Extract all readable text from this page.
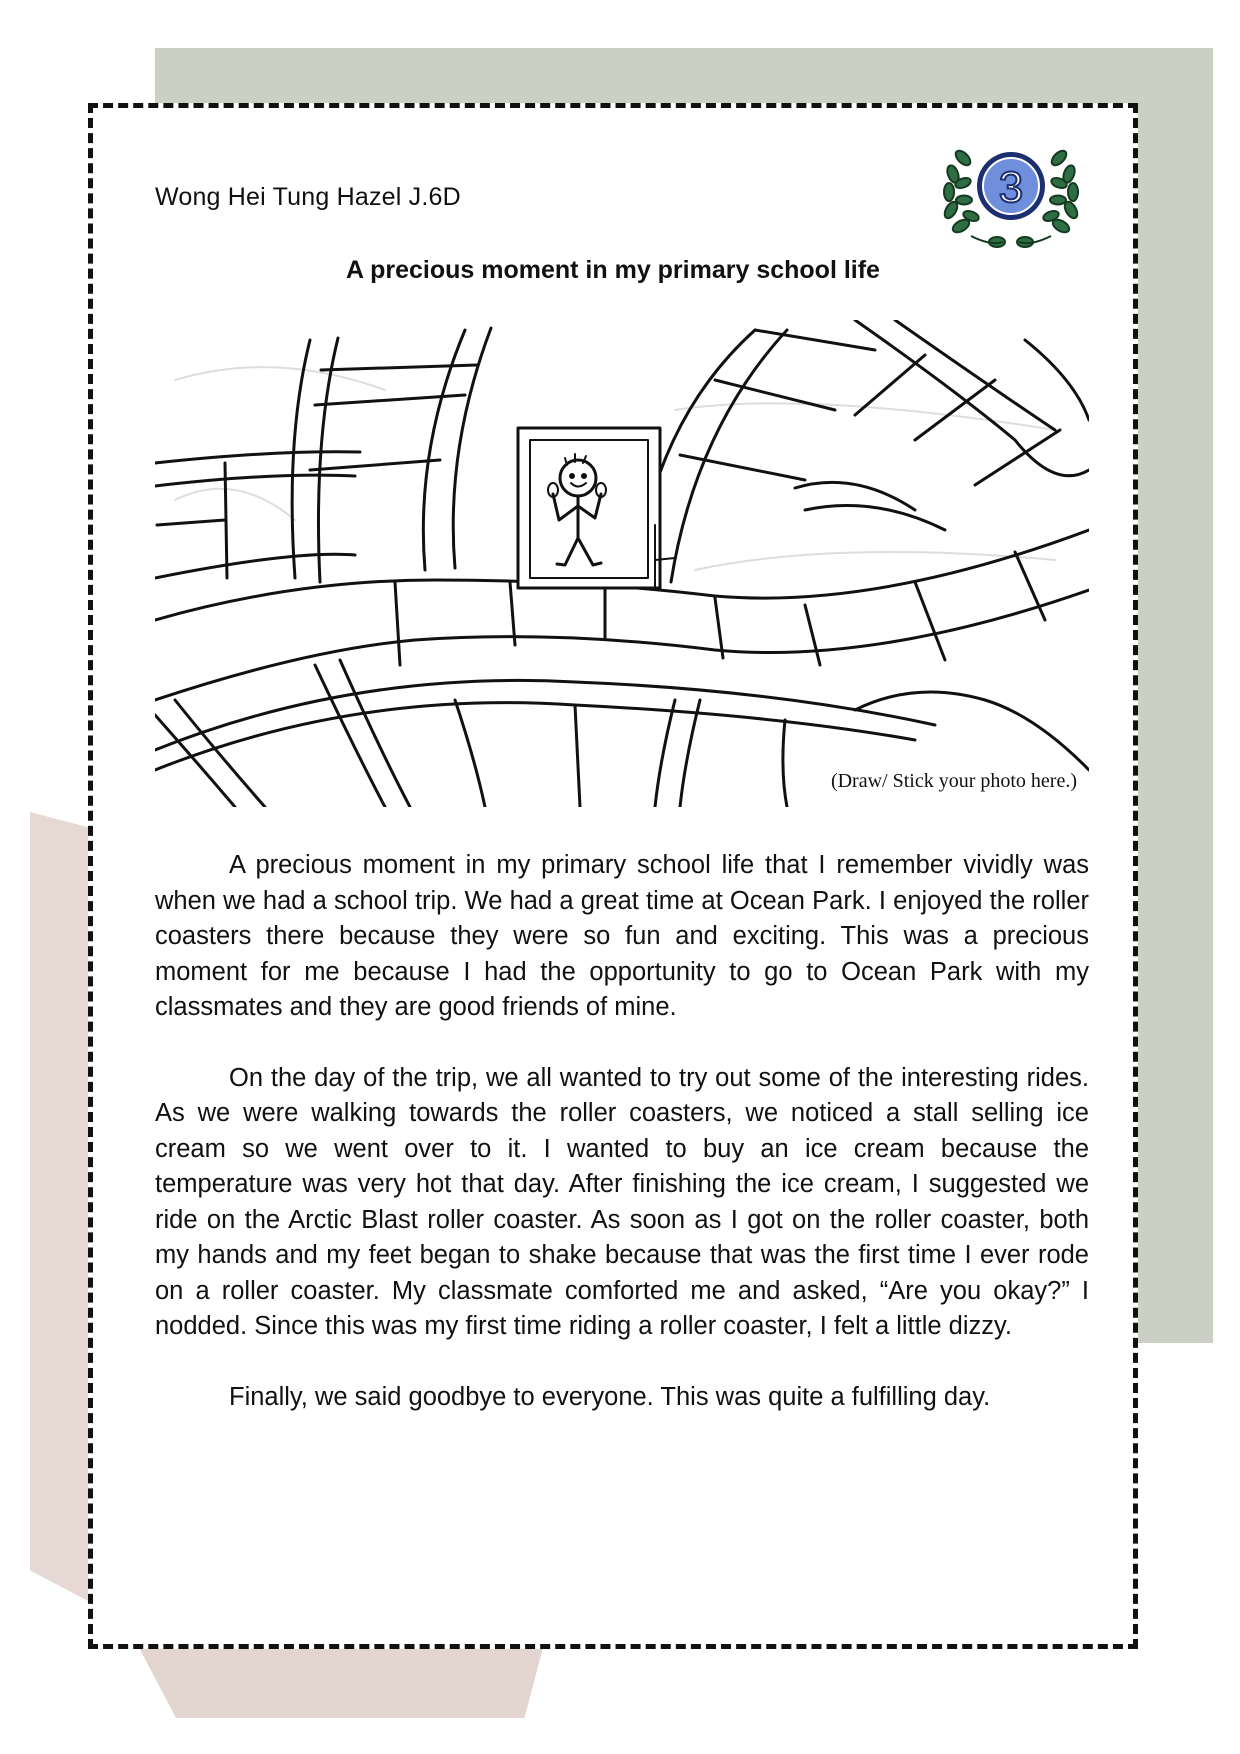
Wong Hei Tung Hazel J.6D	3
A precious moment in my primary school life
(Draw/ Stick your photo here.)

A precious moment in my primary school life that I remember vividly was when we had a school trip. We had a great time at Ocean Park. I enjoyed the roller coasters there because they were so fun and exciting. This was a precious moment for me because I had the opportunity to go to Ocean Park with my classmates and they are good friends of mine.

On the day of the trip, we all wanted to try out some of the interesting rides. As we were walking towards the roller coasters, we noticed a stall selling ice cream so we went over to it. I wanted to buy an ice cream because the temperature was very hot that day. After finishing the ice cream, I suggested we ride on the Arctic Blast roller coaster. As soon as I got on the roller coaster, both my hands and my feet began to shake because that was the first time I ever rode on a roller coaster. My classmate comforted me and asked, “Are you okay?” I nodded. Since this was my first time riding a roller coaster, I felt a little dizzy.

Finally, we said goodbye to everyone. This was quite a fulfilling day.
